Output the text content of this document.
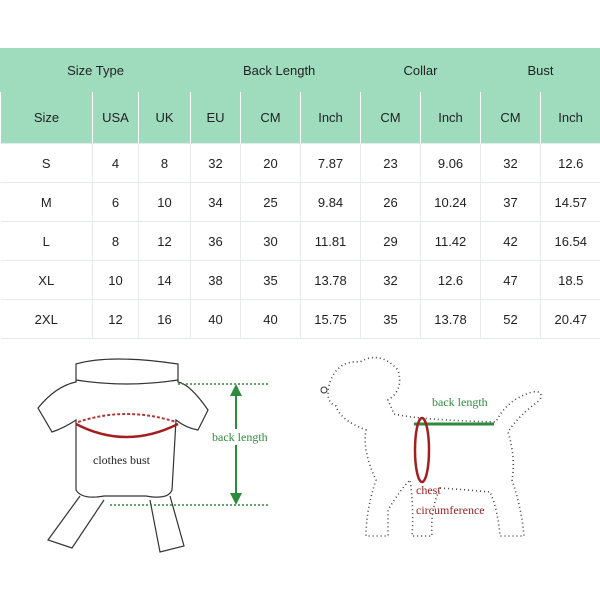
Size Type				Back Length		Collar		Bust	
Size	USA	UK	EU	CM	Inch	CM	Inch	CM	Inch
S	4	8	32	20	7.87	23	9.06	32	12.6
M	6	10	34	25	9.84	26	10.24	37	14.57
L	8	12	36	30	11.81	29	11.42	42	16.54
XL	10	14	38	35	13.78	32	12.6	47	18.5
2XL	12	16	40	40	15.75	35	13.78	52	20.47
clothes bust
back length
back length
chest
circumference
